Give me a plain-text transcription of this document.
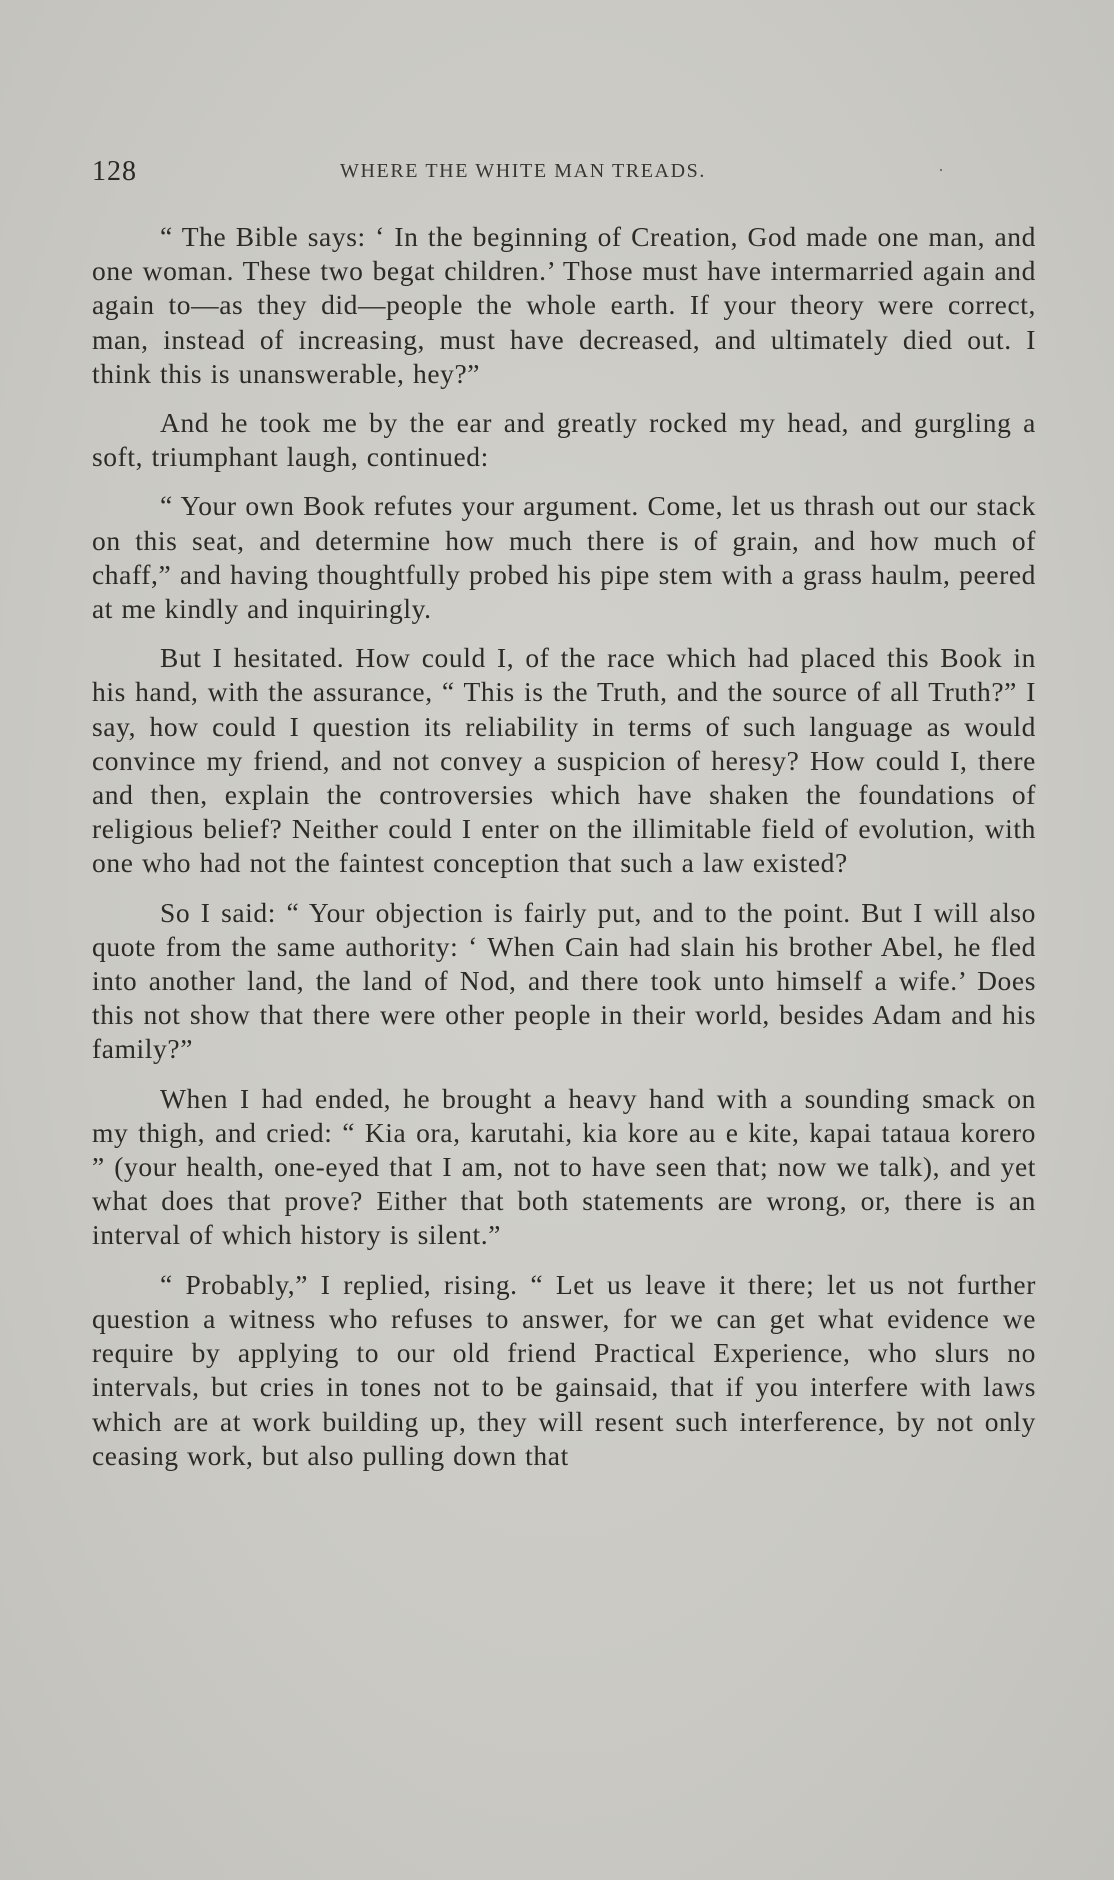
128	WHERE THE WHITE MAN TREADS.	·

“ The Bible says: ‘ In the beginning of Creation, God made one man, and one woman. These two begat children.’ Those must have intermarried again and again to—as they did—people the whole earth. If your theory were correct, man, instead of increasing, must have decreased, and ultimately died out. I think this is unanswerable, hey?”

And he took me by the ear and greatly rocked my head, and gurgling a soft, triumphant laugh, continued:

“ Your own Book refutes your argument. Come, let us thrash out our stack on this seat, and determine how much there is of grain, and how much of chaff,” and having thoughtfully probed his pipe stem with a grass haulm, peered at me kindly and inquiringly.

But I hesitated. How could I, of the race which had placed this Book in his hand, with the assurance, “ This is the Truth, and the source of all Truth?” I say, how could I question its reliability in terms of such language as would convince my friend, and not convey a suspicion of heresy? How could I, there and then, explain the controversies which have shaken the foundations of religious belief? Neither could I enter on the illimitable field of evolution, with one who had not the faintest conception that such a law existed?

So I said: “ Your objection is fairly put, and to the point. But I will also quote from the same authority: ‘ When Cain had slain his brother Abel, he fled into another land, the land of Nod, and there took unto himself a wife.’ Does this not show that there were other people in their world, besides Adam and his family?”

When I had ended, he brought a heavy hand with a sounding smack on my thigh, and cried: “ Kia ora, karutahi, kia kore au e kite, kapai tataua korero ” (your health, one-eyed that I am, not to have seen that; now we talk), and yet what does that prove? Either that both statements are wrong, or, there is an interval of which history is silent.”

“ Probably,” I replied, rising. “ Let us leave it there; let us not further question a witness who refuses to answer, for we can get what evidence we require by applying to our old friend Practical Experience, who slurs no intervals, but cries in tones not to be gainsaid, that if you interfere with laws which are at work building up, they will resent such interference, by not only ceasing work, but also pulling down that
